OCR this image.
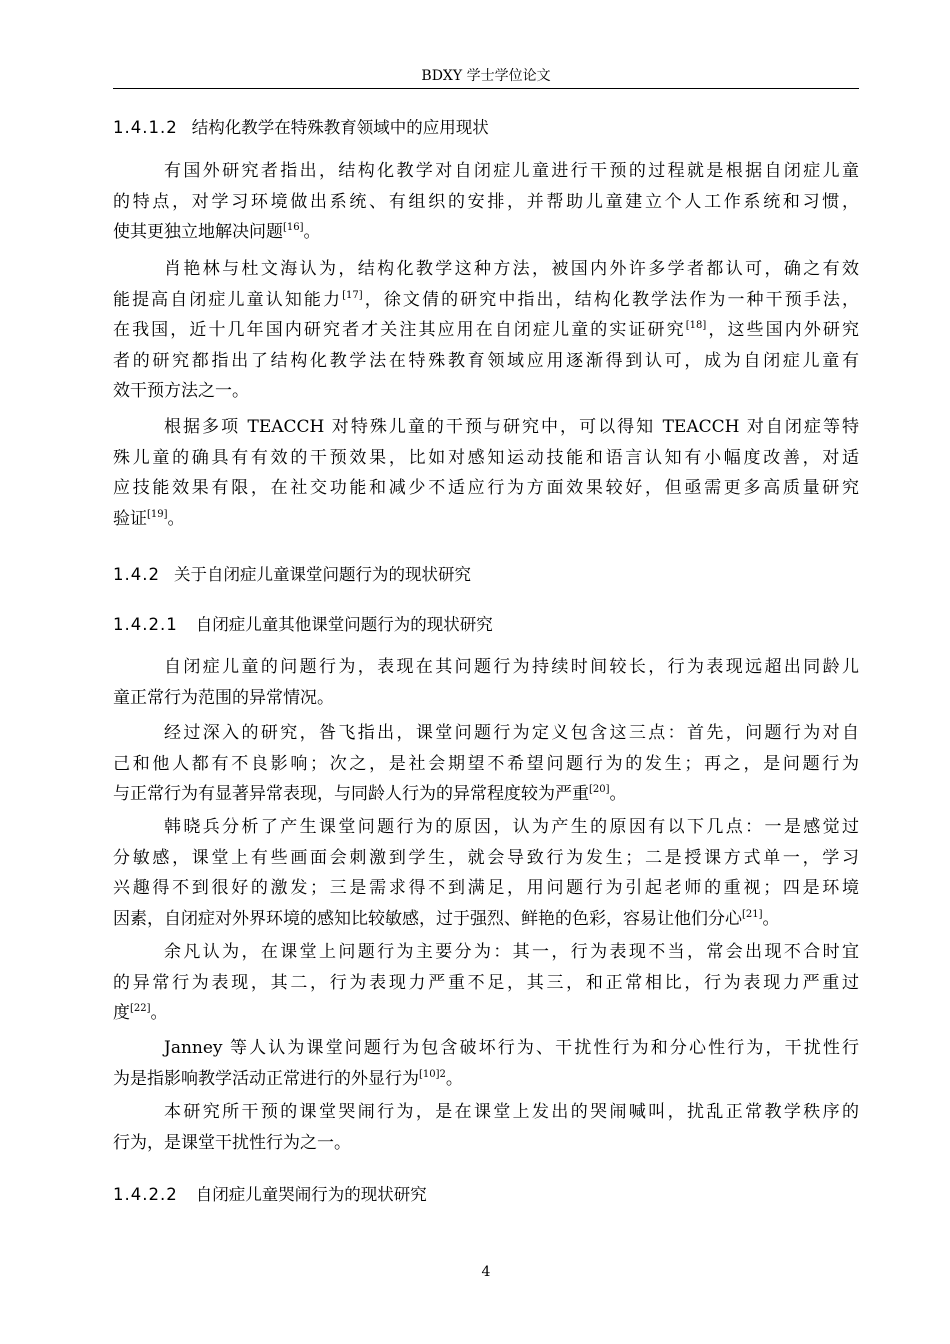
BDXY 学士学位论文
1.4.1.2 结构化教学在特殊教育领域中的应用现状
有国外研究者指出，结构化教学对自闭症儿童进行干预的过程就是根据自闭症儿童
的特点，对学习环境做出系统、有组织的安排，并帮助儿童建立个人工作系统和习惯，
使其更独立地解决问题[16]。
肖艳林与杜文海认为，结构化教学这种方法，被国内外许多学者都认可，确之有效
能提高自闭症儿童认知能力[17]，徐文倩的研究中指出，结构化教学法作为一种干预手法，
在我国，近十几年国内研究者才关注其应用在自闭症儿童的实证研究[18]，这些国内外研究
者的研究都指出了结构化教学法在特殊教育领域应用逐渐得到认可，成为自闭症儿童有
效干预方法之一。
根据多项 TEACCH 对特殊儿童的干预与研究中，可以得知 TEACCH 对自闭症等特
殊儿童的确具有有效的干预效果，比如对感知运动技能和语言认知有小幅度改善，对适
应技能效果有限，在社交功能和减少不适应行为方面效果较好，但亟需更多高质量研究
验证[19]。
1.4.2 关于自闭症儿童课堂问题行为的现状研究
1.4.2.1 自闭症儿童其他课堂问题行为的现状研究
自闭症儿童的问题行为，表现在其问题行为持续时间较长，行为表现远超出同龄儿
童正常行为范围的异常情况。
经过深入的研究，昝飞指出，课堂问题行为定义包含这三点：首先，问题行为对自
己和他人都有不良影响；次之，是社会期望不希望问题行为的发生；再之，是问题行为
与正常行为有显著异常表现，与同龄人行为的异常程度较为严重[20]。
韩晓兵分析了产生课堂问题行为的原因，认为产生的原因有以下几点：一是感觉过
分敏感，课堂上有些画面会刺激到学生，就会导致行为发生；二是授课方式单一，学习
兴趣得不到很好的激发；三是需求得不到满足，用问题行为引起老师的重视；四是环境
因素，自闭症对外界环境的感知比较敏感，过于强烈、鲜艳的色彩，容易让他们分心[21]。
余凡认为，在课堂上问题行为主要分为：其一，行为表现不当，常会出现不合时宜
的异常行为表现，其二，行为表现力严重不足，其三，和正常相比，行为表现力严重过
度[22]。
Janney 等人认为课堂问题行为包含破坏行为、干扰性行为和分心性行为，干扰性行
为是指影响教学活动正常进行的外显行为$^{[10]2}$。
本研究所干预的课堂哭闹行为，是在课堂上发出的哭闹喊叫，扰乱正常教学秩序的
行为，是课堂干扰性行为之一。
1.4.2.2 自闭症儿童哭闹行为的现状研究
4
